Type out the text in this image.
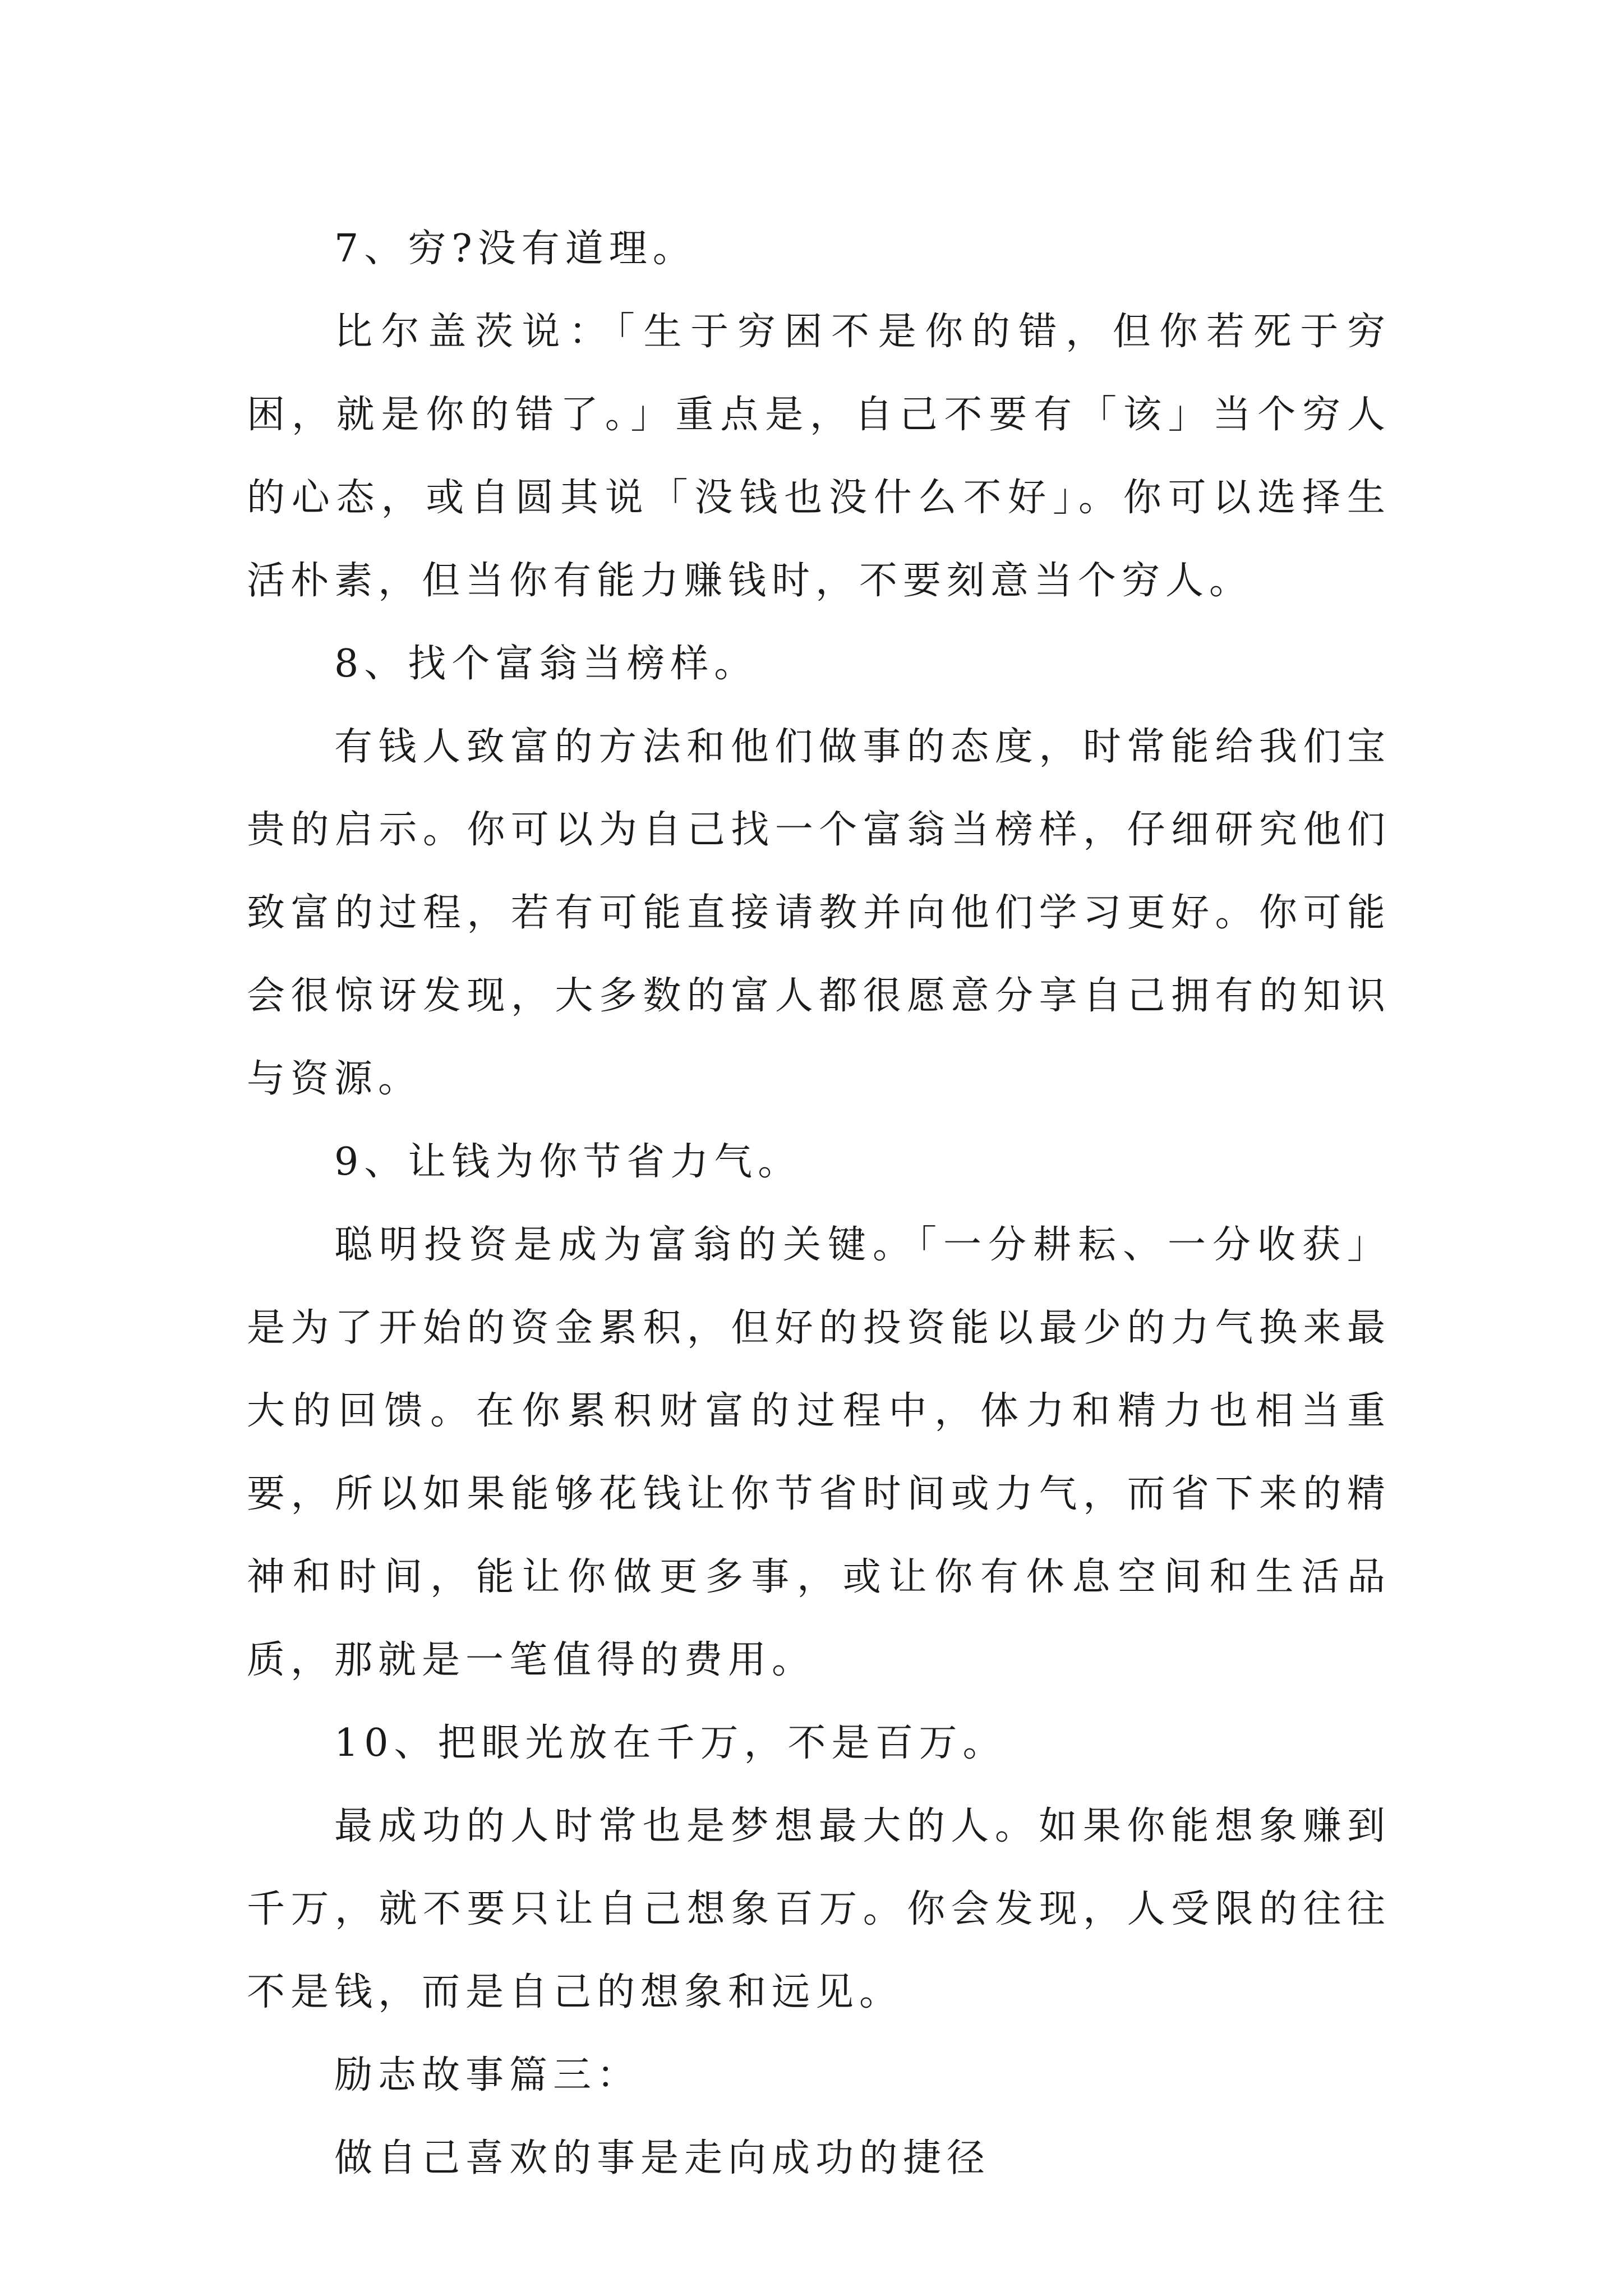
7、穷?没有道理。

比尔盖茨说：「生于穷困不是你的错，但你若死于穷困，就是你的错了。」重点是，自己不要有「该」当个穷人的心态，或自圆其说「没钱也没什么不好」。你可以选择生活朴素，但当你有能力赚钱时，不要刻意当个穷人。

8、找个富翁当榜样。

有钱人致富的方法和他们做事的态度，时常能给我们宝贵的启示。你可以为自己找一个富翁当榜样，仔细研究他们致富的过程，若有可能直接请教并向他们学习更好。你可能会很惊讶发现，大多数的富人都很愿意分享自己拥有的知识与资源。

9、让钱为你节省力气。

聪明投资是成为富翁的关键。「一分耕耘、一分收获」是为了开始的资金累积，但好的投资能以最少的力气换来最大的回馈。在你累积财富的过程中，体力和精力也相当重要，所以如果能够花钱让你节省时间或力气，而省下来的精神和时间，能让你做更多事，或让你有休息空间和生活品质，那就是一笔值得的费用。

10、把眼光放在千万，不是百万。

最成功的人时常也是梦想最大的人。如果你能想象赚到千万，就不要只让自己想象百万。你会发现，人受限的往往不是钱，而是自己的想象和远见。

励志故事篇三：

做自己喜欢的事是走向成功的捷径
